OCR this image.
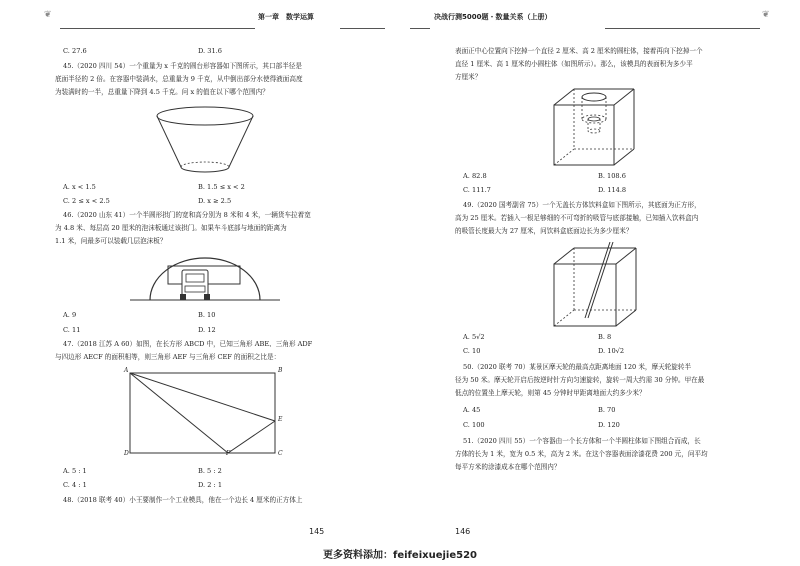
❦	第一章　数学运算
C. 27.6	D. 31.6
45.（2020 四川 54）一个重量为 x 千克的圆台形容器如下图所示，其口部半径是
底面半径的 2 倍。在容器中装满水，总重量为 9 千克，从中倒出部分水使得液面高度
为装满时的一半，总重量下降到 4.5 千克。问 x 的值在以下哪个范围内？
A. x < 1.5	B. 1.5 ≤ x < 2
C. 2 ≤ x < 2.5	D. x ≥ 2.5
46.（2020 山东 41）一个半圆形拱门的宽和高分别为 8 米和 4 米，一辆货车拉着宽
为 4.8 米、每层高 20 厘米的泡沫板通过该拱门。如果车斗底部与地面的距离为
1.1 米，问最多可以装载几层泡沫板？
A. 9	B. 10
C. 11	D. 12
47.（2018 江苏 A 60）如图，在长方形 ABCD 中，已知三角形 ABE、三角形 ADF
与四边形 AECF 的面积相等，则三角形 AEF 与三角形 CEF 的面积之比是：
A	B
C
D
E
F
A. 5 : 1	B. 5 : 2
C. 4 : 1	D. 2 : 1
48.（2018 联考 40）小王要制作一个工业模具，他在一个边长 4 厘米的正方体上
145
决战行测5000题・数量关系（上册）	❦
表面正中心位置向下挖掉一个直径 2 厘米、高 2 厘米的圆柱体，接着再向下挖掉一个
直径 1 厘米、高 1 厘米的小圆柱体（如图所示）。那么，该模具的表面积为多少平
方厘米？
A. 82.8	B. 108.6
C. 111.7	D. 114.8
49.（2020 国考副省 75）一个无盖长方体饮料盒如下图所示，其底面为正方形，
高为 25 厘米。若插入一根足够细的不可弯折的吸管与底部接触，已知插入饮料盒内
的吸管长度最大为 27 厘米，问饮料盒底面边长为多少厘米？
A. 5√2	B. 8
C. 10	D. 10√2
50.（2020 联考 70）某景区摩天轮的最高点距离地面 120 米，摩天轮旋转半
径为 50 米。摩天轮开启后按逆时针方向匀速旋转，旋转一周大约需 30 分钟。甲在最
低点的位置坐上摩天轮，则第 45 分钟时甲距离地面大约多少米？
A. 45	B. 70
C. 100	D. 120
51.（2020 四川 55）一个容器由一个长方体和一个半圆柱体如下图组合而成，长
方体的长为 1 米，宽为 0.5 米，高为 2 米。在这个容器表面涂漆花费 200 元，问平均
每平方米的涂漆成本在哪个范围内？
146
更多资料添加：feifeixuejie520
